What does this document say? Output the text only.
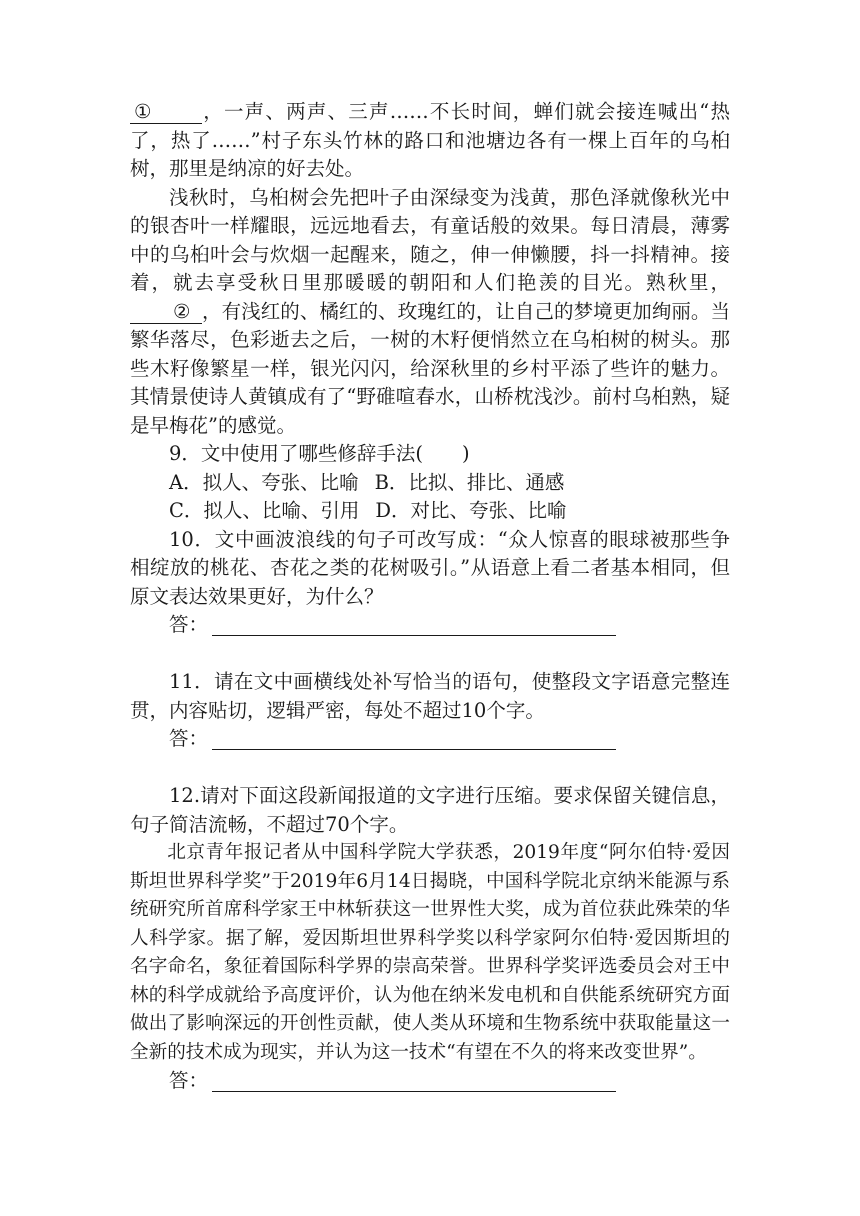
①	，一声、两声、三声……不长时间，蝉们就会接连喊出“热了，热了……”村子东头竹林的路口和池塘边各有一棵上百年的乌桕树，那里是纳凉的好去处。

浅秋时，乌桕树会先把叶子由深绿变为浅黄，那色泽就像秋光中的银杏叶一样耀眼，远远地看去，有童话般的效果。每日清晨，薄雾中的乌桕叶会与炊烟一起醒来，随之，伸一伸懒腰，抖一抖精神。接着，就去享受秋日里那暖暖的朝阳和人们艳羡的目光。熟秋里，② ，有浅红的、橘红的、玫瑰红的，让自己的梦境更加绚丽。当繁华落尽，色彩逝去之后，一树的木籽便悄然立在乌桕树的树头。那些木籽像繁星一样，银光闪闪，给深秋里的乡村平添了些许的魅力。其情景使诗人黄镇成有了“野碓喧春水，山桥枕浅沙。前村乌桕熟，疑是早梅花”的感觉。

9．文中使用了哪些修辞手法(　　)

A．拟人、夸张、比喻 B．比拟、排比、通感

C．拟人、比喻、引用 D．对比、夸张、比喻

10．文中画波浪线的句子可改写成：“众人惊喜的眼球被那些争相绽放的桃花、杏花之类的花树吸引。”从语意上看二者基本相同，但原文表达效果更好，为什么？

答：

11．请在文中画横线处补写恰当的语句，使整段文字语意完整连贯，内容贴切，逻辑严密，每处不超过10个字。

答：

12.请对下面这段新闻报道的文字进行压缩。要求保留关键信息，句子简洁流畅，不超过70个字。

北京青年报记者从中国科学院大学获悉，2019年度“阿尔伯特·爱因斯坦世界科学奖”于2019年6月14日揭晓，中国科学院北京纳米能源与系统研究所首席科学家王中林斩获这一世界性大奖，成为首位获此殊荣的华人科学家。据了解，爱因斯坦世界科学奖以科学家阿尔伯特·爱因斯坦的名字命名，象征着国际科学界的崇高荣誉。世界科学奖评选委员会对王中林的科学成就给予高度评价，认为他在纳米发电机和自供能系统研究方面做出了影响深远的开创性贡献，使人类从环境和生物系统中获取能量这一全新的技术成为现实，并认为这一技术“有望在不久的将来改变世界”。

答：
